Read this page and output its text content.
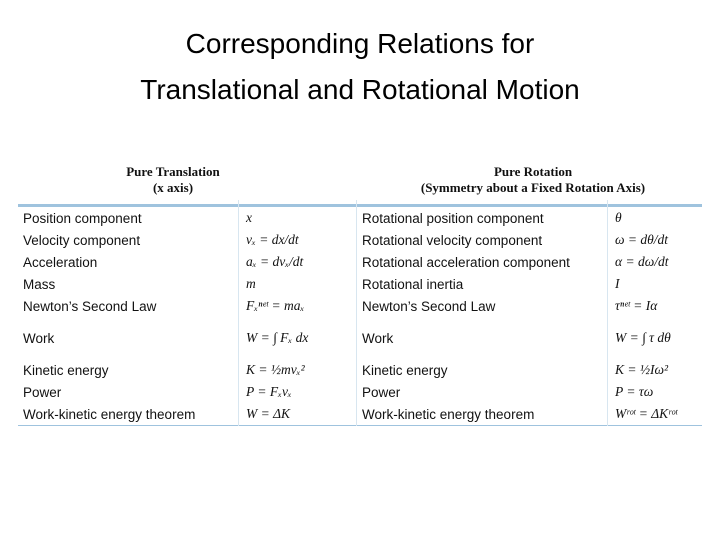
Corresponding Relations for
Translational and Rotational Motion
Pure Translation
(x axis)
Pure Rotation
(Symmetry about a Fixed Rotation Axis)
Position component	x	Rotational position component	θ
Velocity component	vₓ = dx/dt	Rotational velocity component	ω = dθ/dt
Acceleration	aₓ = dvₓ/dt	Rotational acceleration component	α = dω/dt
Mass	m	Rotational inertia	I
Newton’s Second Law	Fₓⁿᵉᵗ = maₓ	Newton’s Second Law	τⁿᵉᵗ = Iα
Work	W = ∫ Fₓ dx	Work	W = ∫ τ dθ
Kinetic energy	K = ½mvₓ²	Kinetic energy	K = ½Iω²
Power	P = Fₓvₓ	Power	P = τω
Work-kinetic energy theorem	W = ΔK	Work-kinetic energy theorem	Wʳᵒᵗ = ΔKʳᵒᵗ
